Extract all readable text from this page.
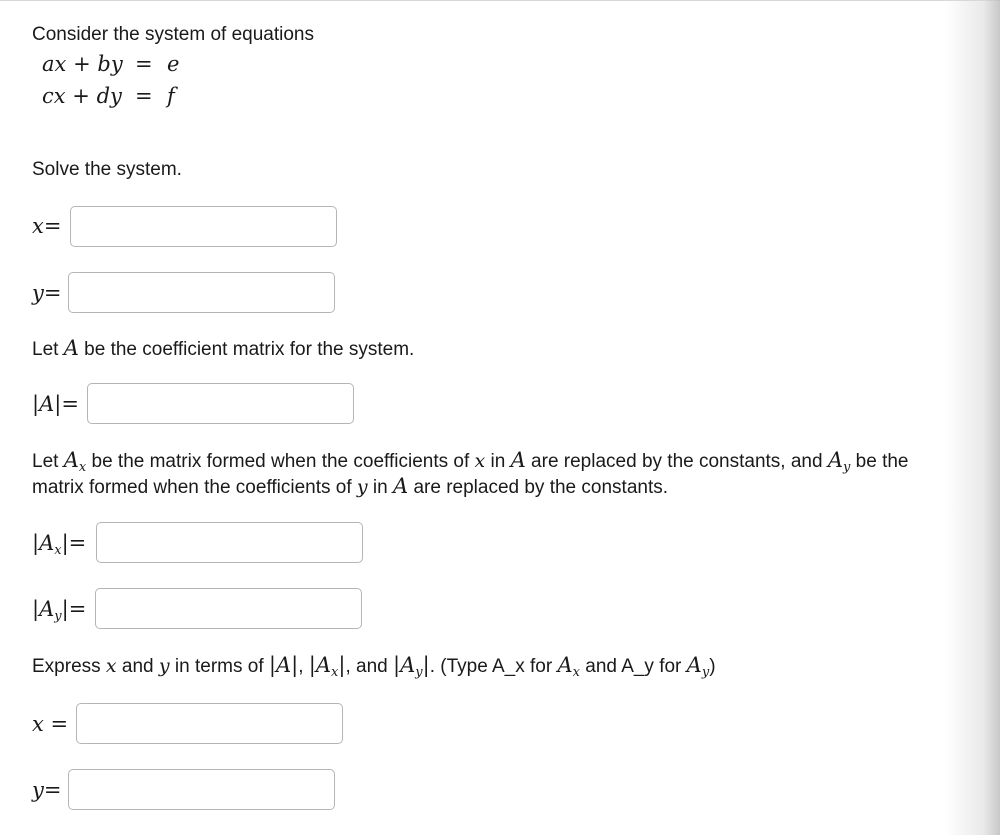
Consider the system of equations
ax + by = e
cx + dy = f
Solve the system.
x=
y=
Let A be the coefficient matrix for the system.
|A|=
Let $A_x$ be the matrix formed when the coefficients of x in A are replaced by the constants, and $A_y$ be the
matrix formed when the coefficients of y in A are replaced by the constants.
$|A_x|=$
$|A_y|=$
Express x and y in terms of |A|, $|A_x|$, and $|A_y|$. (Type A_x for $A_x$ and A_y for $A_y$)
x =
y=
